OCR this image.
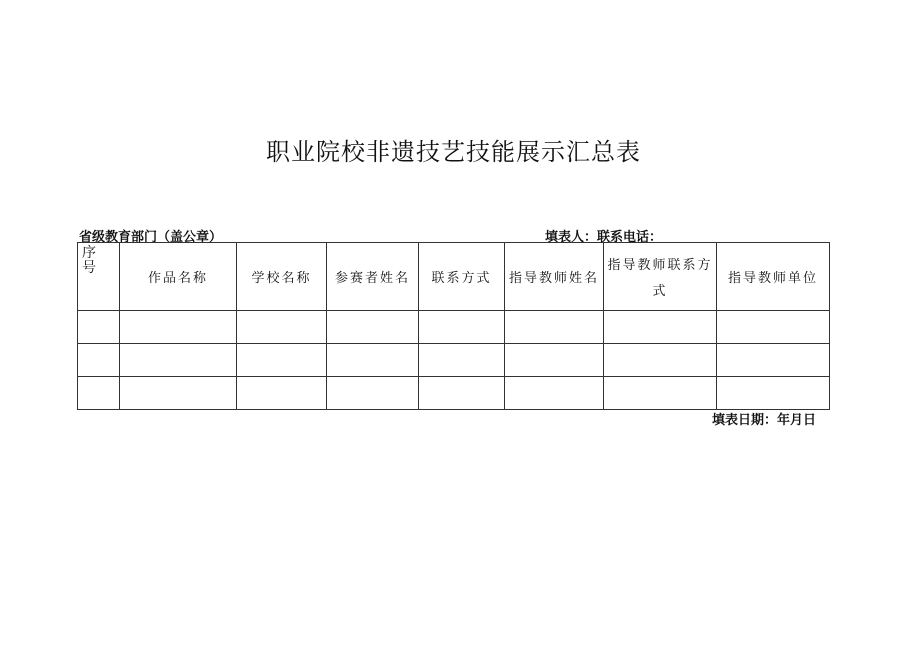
职业院校非遗技艺技能展示汇总表
省级教育部门（盖公章）	填表人：联系电话：
序号	作品名称	学校名称	参赛者姓名	联系方式	指导教师姓名	指导教师联系方式	指导教师单位

填表日期：年月日
